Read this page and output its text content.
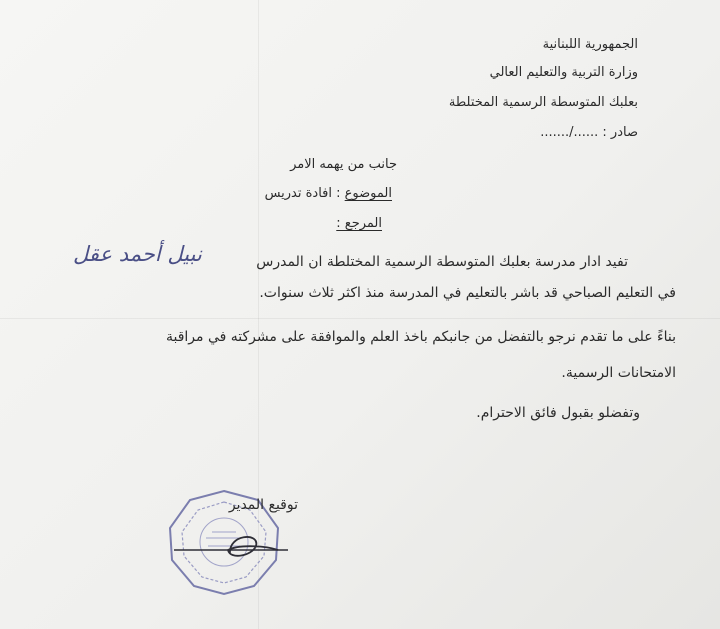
الجمهورية اللبنانية
وزارة التربية والتعليم العالي
بعلبك المتوسطة الرسمية المختلطة
صادر : ....../.......
جانب من يهمه الامر
الموضوع : افادة تدريس
المرجع :
تفيد ادار مدرسة بعلبك المتوسطة الرسمية المختلطة ان المدرس
نبيل أحمد عقل
في التعليم الصباحي قد باشر بالتعليم في المدرسة منذ اكثر ثلاث سنوات.
بناءً على ما تقدم نرجو بالتفضل من جانبكم باخذ العلم والموافقة على مشركته في مراقبة
الامتحانات الرسمية.
وتفضلو بقبول فائق الاحترام.
توقيع المدير
